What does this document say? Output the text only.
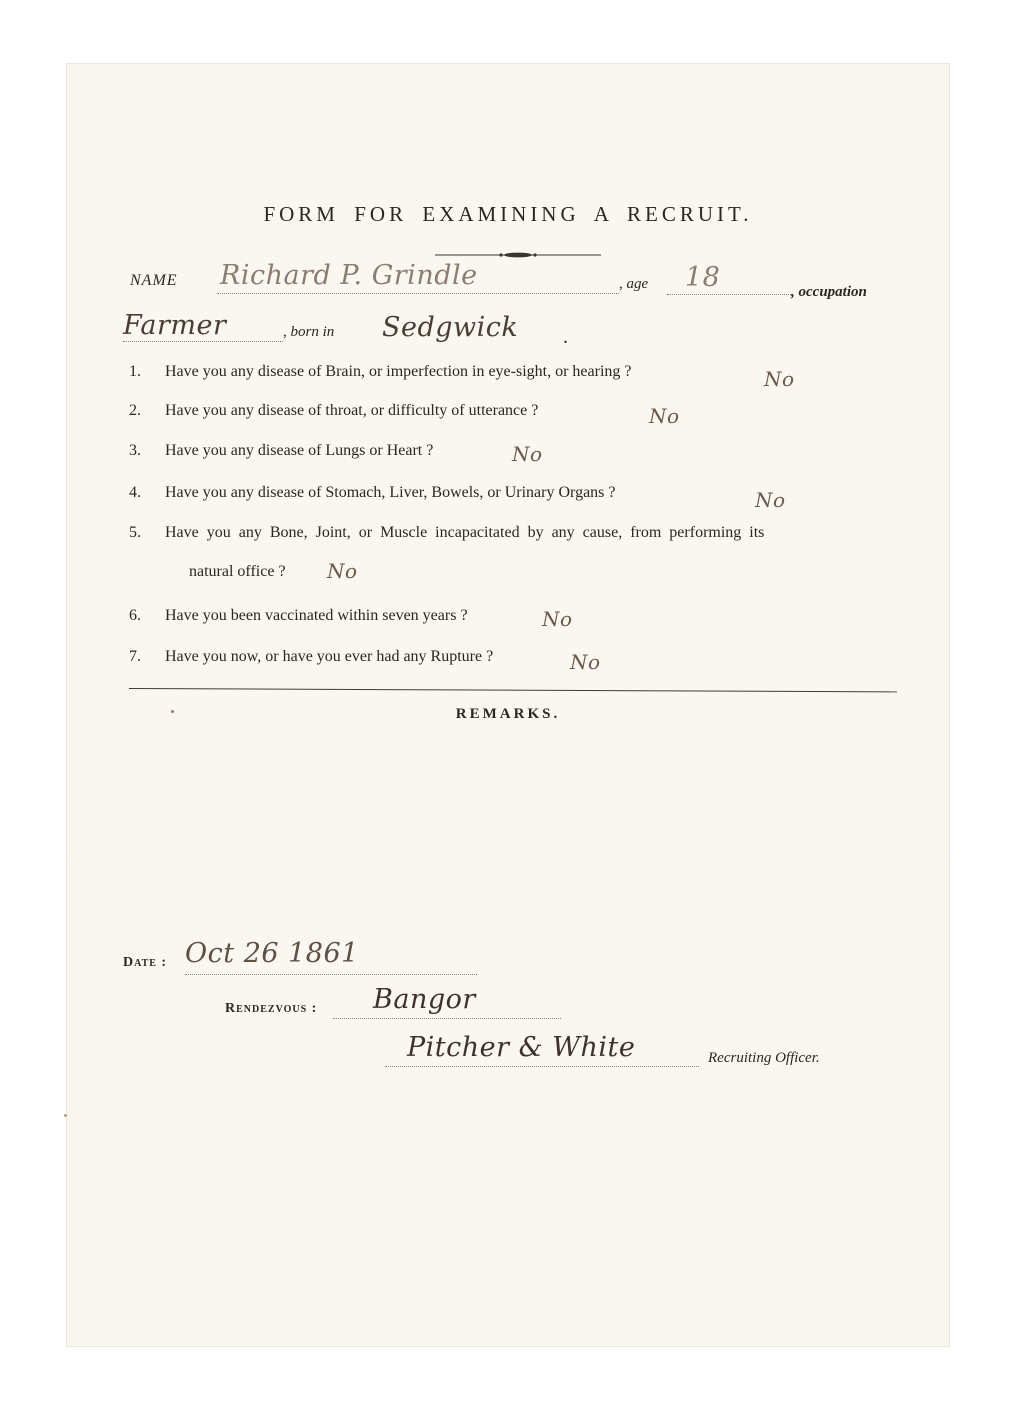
FORM FOR EXAMINING A RECRUIT.
NAME Richard P. Grindle	, age 18	, occupation
Farmer	, born in Sedgwick .
1. Have you any disease of Brain, or imperfection in eye-sight, or hearing ?	No
2. Have you any disease of throat, or difficulty of utterance ?	No
3. Have you any disease of Lungs or Heart ?	No
4. Have you any disease of Stomach, Liver, Bowels, or Urinary Organs ?	No
5. Have you any Bone, Joint, or Muscle incapacitated by any cause, from performing its
natural office ? No
6. Have you been vaccinated within seven years ?	No
7. Have you now, or have you ever had any Rupture ?	No
REMARKS.
Date : Oct 26 1861
Rendezvous : Bangor
Pitcher & White	Recruiting Officer.
